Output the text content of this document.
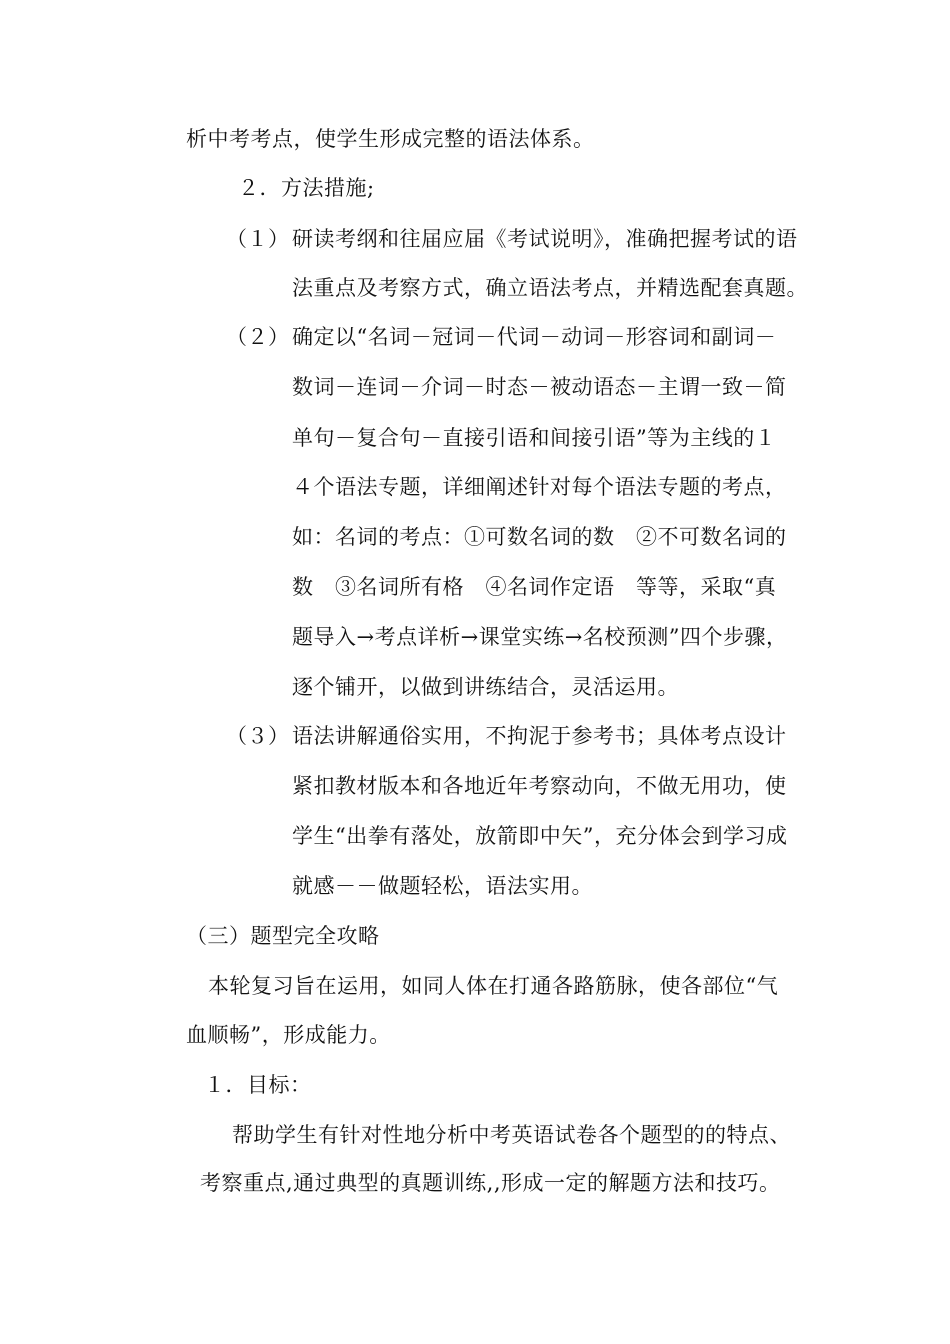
析中考考点，使学生形成完整的语法体系。
２．方法措施;
（１） 研读考纲和往届应届《考试说明》，准确把握考试的语
法重点及考察方式，确立语法考点，并精选配套真题。
（２） 确定以“名词－冠词－代词－动词－形容词和副词－
数词－连词－介词－时态－被动语态－主谓一致－简
单句－复合句－直接引语和间接引语”等为主线的１
４个语法专题，详细阐述针对每个语法专题的考点，
如：名词的考点：①可数名词的数　②不可数名词的
数　③名词所有格　④名词作定语　等等，采取“真
题导入→考点详析→课堂实练→名校预测”四个步骤，
逐个铺开，以做到讲练结合，灵活运用。
（３） 语法讲解通俗实用，不拘泥于参考书；具体考点设计
紧扣教材版本和各地近年考察动向，不做无用功，使
学生“出拳有落处，放箭即中矢”，充分体会到学习成
就感－－做题轻松，语法实用。
（三）题型完全攻略
本轮复习旨在运用，如同人体在打通各路筋脉，使各部位“气
血顺畅”，形成能力。
１．目标：
帮助学生有针对性地分析中考英语试卷各个题型的的特点、
考察重点,通过典型的真题训练,,形成一定的解题方法和技巧。
